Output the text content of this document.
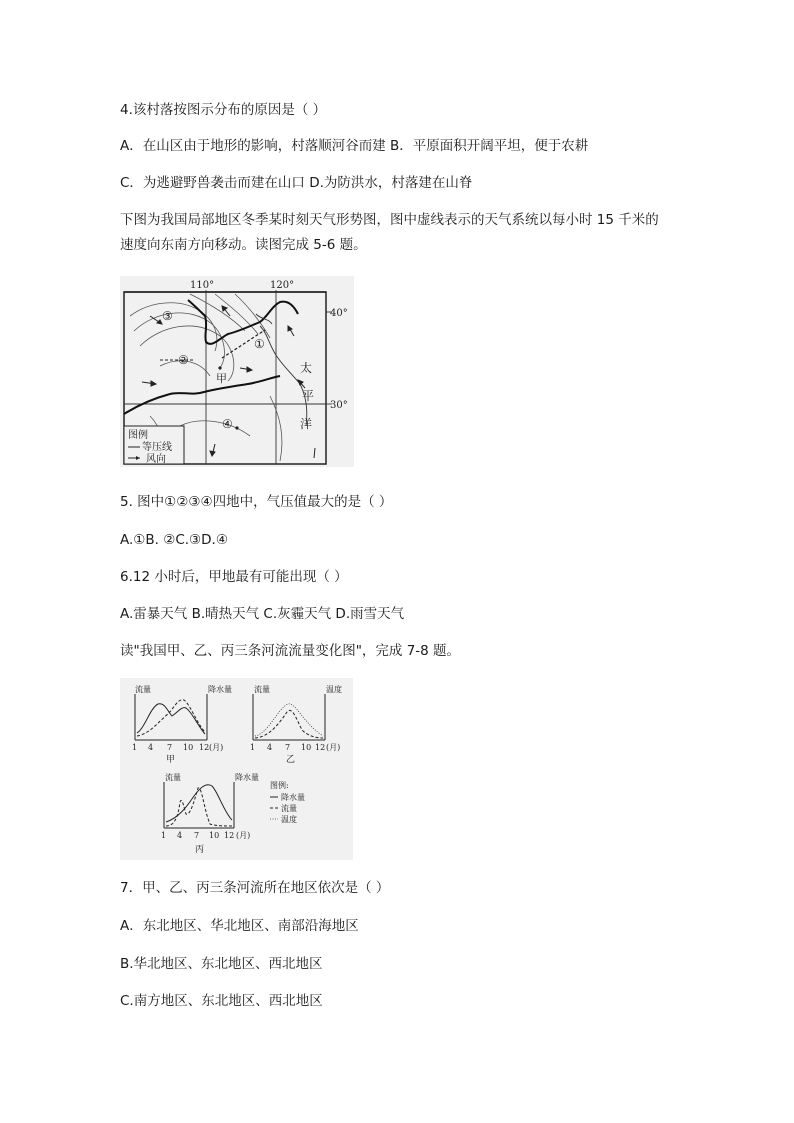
4.该村落按图示分布的原因是（ ）
A．在山区由于地形的影响，村落顺河谷而建 B．平原面积开阔平坦，便于农耕
C．为逃避野兽袭击而建在山口 D.为防洪水，村落建在山脊
下图为我国局部地区冬季某时刻天气形势图，图中虚线表示的天气系统以每小时 15 千米的
速度向东南方向移动。读图完成 5-6 题。
110°	120°
40°
30°
③
②
①
④
甲
太
平
洋
图例
等压线
风向
5. 图中①②③④四地中，气压值最大的是（ ）
A.①B. ②C.③D.④
6.12 小时后，甲地最有可能出现（ ）
A.雷暴天气 B.晴热天气 C.灰霾天气 D.雨雪天气
读"我国甲、乙、丙三条河流流量变化图"，完成 7-8 题。
流量	降水量
1 4 7 10 12 (月)
甲
流量	温度
1 4 7 10 12 (月)
乙
流量	降水量
1 4 7 10 12 (月)
丙
图例:
降水量
流量
温度
7．甲、乙、丙三条河流所在地区依次是（ ）
A．东北地区、华北地区、南部沿海地区
B.华北地区、东北地区、西北地区
C.南方地区、东北地区、西北地区
